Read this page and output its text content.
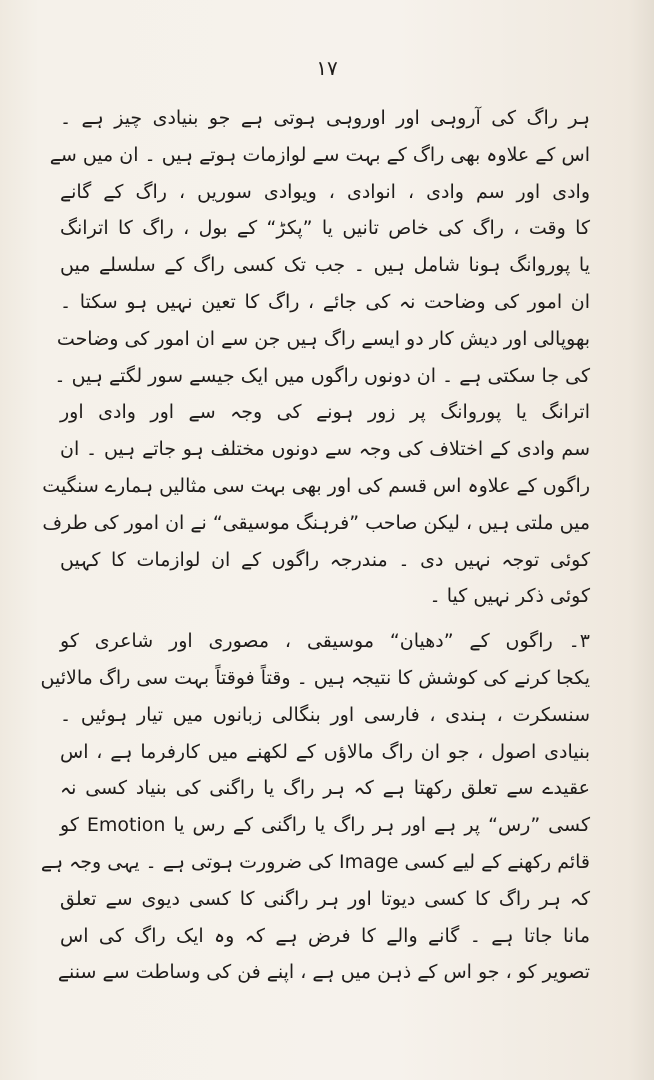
۱۷
ہر راگ کی آروہی اور اوروہی ہوتی ہے جو بنیادی چیز ہے ۔
اس کے علاوہ بھی راگ کے بہت سے لوازمات ہوتے ہیں ۔ ان میں سے
وادی اور سم وادی ، انوادی ، ویوادی سوریں ، راگ کے گانے
کا وقت ، راگ کی خاص تانیں یا ”پکڑ“ کے بول ، راگ کا اترانگ
یا پوروانگ ہونا شامل ہیں ۔ جب تک کسی راگ کے سلسلے میں
ان امور کی وضاحت نہ کی جائے ، راگ کا تعین نہیں ہو سکتا ۔
بھوپالی اور دیش کار دو ایسے راگ ہیں جن سے ان امور کی وضاحت
کی جا سکتی ہے ۔ ان دونوں راگوں میں ایک جیسے سور لگتے ہیں ۔
اترانگ یا پوروانگ پر زور ہونے کی وجہ سے اور وادی اور
سم وادی کے اختلاف کی وجہ سے دونوں مختلف ہو جاتے ہیں ۔ ان
راگوں کے علاوہ اس قسم کی اور بھی بہت سی مثالیں ہمارے سنگیت
میں ملتی ہیں ، لیکن صاحب ”فرہنگ موسیقی“ نے ان امور کی طرف
کوئی توجہ نہیں دی ۔ مندرجہ راگوں کے ان لوازمات کا کہیں
کوئی ذکر نہیں کیا ۔
۳۔ راگوں کے ”دھیان“ موسیقی ، مصوری اور شاعری کو
یکجا کرنے کی کوشش کا نتیجہ ہیں ۔ وقتاً فوقتاً بہت سی راگ مالائیں
سنسکرت ، ہندی ، فارسی اور بنگالی زبانوں میں تیار ہوئیں ۔
بنیادی اصول ، جو ان راگ مالاؤں کے لکھنے میں کارفرما ہے ، اس
عقیدے سے تعلق رکھتا ہے کہ ہر راگ یا راگنی کی بنیاد کسی نہ
کسی ”رس“ پر ہے اور ہر راگ یا راگنی کے رس یا Emotion کو
قائم رکھنے کے لیے کسی Image کی ضرورت ہوتی ہے ۔ یہی وجہ ہے
کہ ہر راگ کا کسی دیوتا اور ہر راگنی کا کسی دیوی سے تعلق
مانا جاتا ہے ۔ گانے والے کا فرض ہے کہ وہ ایک راگ کی اس
تصویر کو ، جو اس کے ذہن میں ہے ، اپنے فن کی وساطت سے سننے
